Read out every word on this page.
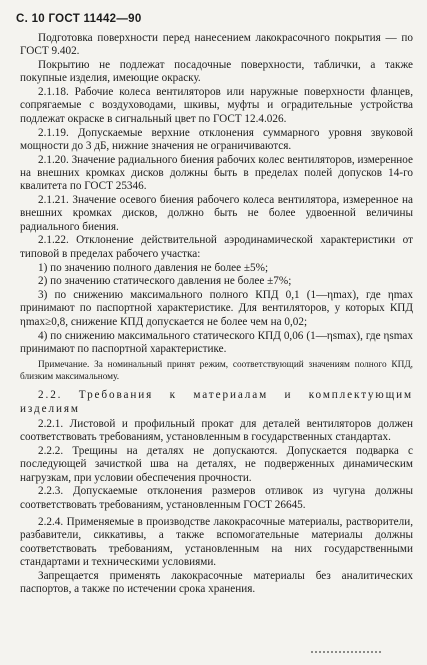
С. 10 ГОСТ 11442—90

Подготовка поверхности перед нанесением лакокрасочного покрытия — по ГОСТ 9.402.

Покрытию не подлежат посадочные поверхности, таблички, а также покупные изделия, имеющие окраску.

2.1.18. Рабочие колеса вентиляторов или наружные поверхности фланцев, сопрягаемые с воздуховодами, шкивы, муфты и оградительные устройства подлежат окраске в сигнальный цвет по ГОСТ 12.4.026.

2.1.19. Допускаемые верхние отклонения суммарного уровня звуковой мощности до 3 дБ, нижние значения не ограничиваются.

2.1.20. Значение радиального биения рабочих колес вентиляторов, измеренное на внешних кромках дисков должны быть в пределах полей допусков 14-го квалитета по ГОСТ 25346.

2.1.21. Значение осевого биения рабочего колеса вентилятора, измеренное на внешних кромках дисков, должно быть не более удвоенной величины радиального биения.

2.1.22. Отклонение действительной аэродинамической характеристики от типовой в пределах рабочего участка:

1) по значению полного давления не более ±5%;

2) по значению статического давления не более ±7%;

3) по снижению максимального полного КПД 0,1 (1—ηmax), где ηmax принимают по паспортной характеристике. Для вентиляторов, у которых КПД ηmax≥0,8, снижение КПД допускается не более чем на 0,02;

4) по снижению максимального статического КПД 0,06 (1—ηsmax), где ηsmax принимают по паспортной характеристике.

Примечание. За номинальный принят режим, соответствующий значениям полного КПД, близким максимальному.

2.2. Требования к материалам и комплектующим изделиям

2.2.1. Листовой и профильный прокат для деталей вентиляторов должен соответствовать требованиям, установленным в государственных стандартах.

2.2.2. Трещины на деталях не допускаются. Допускается подварка с последующей зачисткой шва на деталях, не подверженных динамическим нагрузкам, при условии обеспечения прочности.

2.2.3. Допускаемые отклонения размеров отливок из чугуна должны соответствовать требованиям, установленным ГОСТ 26645.

2.2.4. Применяемые в производстве лакокрасочные материалы, растворители, разбавители, сиккативы, а также вспомогательные материалы должны соответствовать требованиям, установленным на них государственными стандартами и техническими условиями.

Запрещается применять лакокрасочные материалы без аналитических паспортов, а также по истечении срока хранения.
